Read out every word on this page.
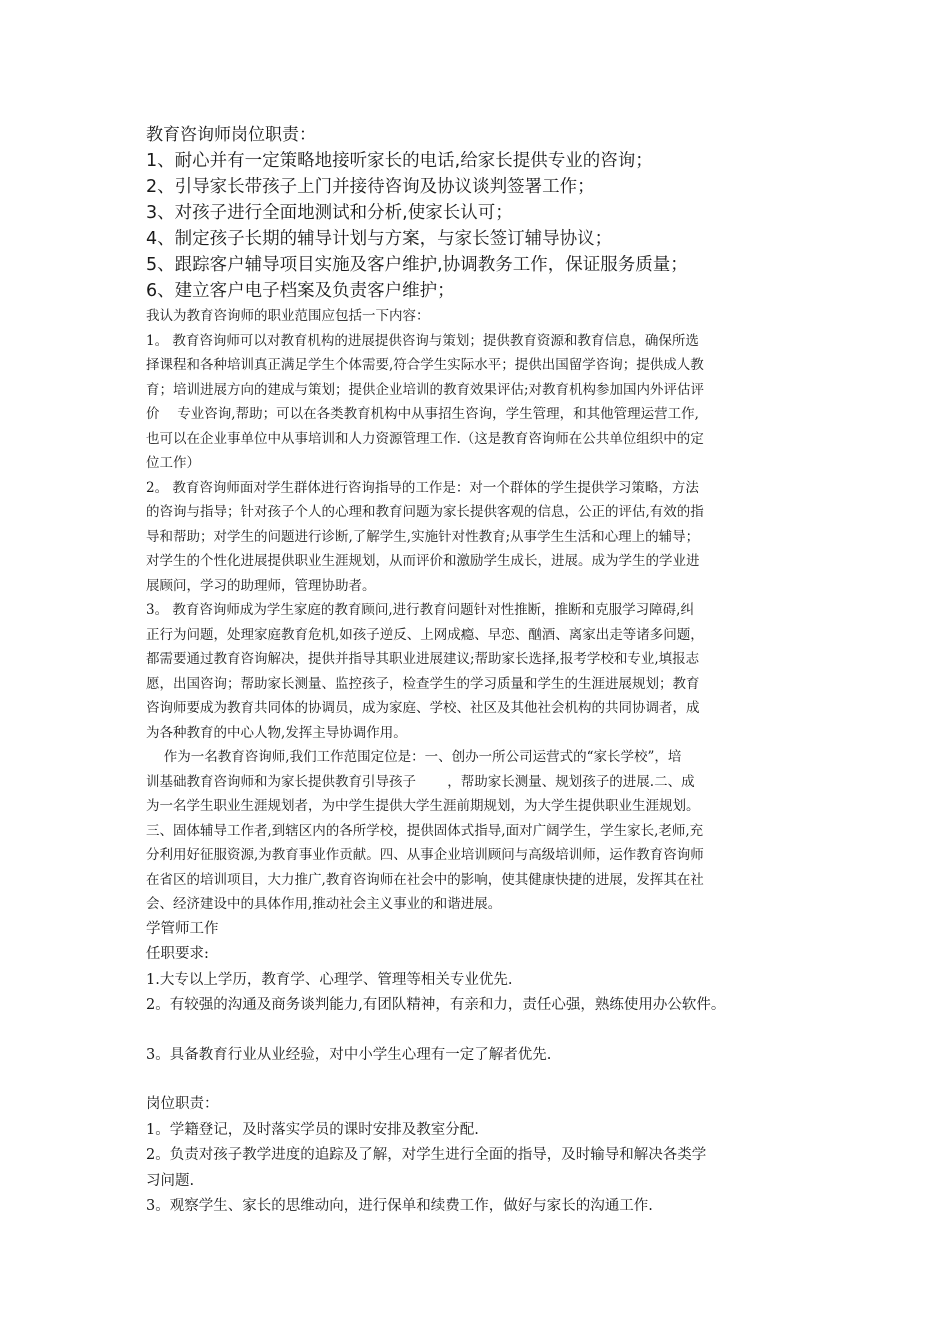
教育咨询师岗位职责：
1、耐心并有一定策略地接听家长的电话,给家长提供专业的咨询；
2、引导家长带孩子上门并接待咨询及协议谈判签署工作；
3、对孩子进行全面地测试和分析,使家长认可；
4、制定孩子长期的辅导计划与方案，与家长签订辅导协议；
5、跟踪客户辅导项目实施及客户维护,协调教务工作，保证服务质量；
6、建立客户电子档案及负责客户维护；
我认为教育咨询师的职业范围应包括一下内容：
1。 教育咨询师可以对教育机构的进展提供咨询与策划；提供教育资源和教育信息，确保所选
择课程和各种培训真正满足学生个体需要,符合学生实际水平；提供出国留学咨询；提供成人教
育；培训进展方向的建成与策划；提供企业培训的教育效果评估;对教育机构参加国内外评估评
价　 专业咨询,帮助；可以在各类教育机构中从事招生咨询，学生管理，和其他管理运营工作,
也可以在企业事单位中从事培训和人力资源管理工作.（这是教育咨询师在公共单位组织中的定
位工作）
2。 教育咨询师面对学生群体进行咨询指导的工作是：对一个群体的学生提供学习策略，方法
的咨询与指导；针对孩子个人的心理和教育问题为家长提供客观的信息，公正的评估,有效的指
导和帮助；对学生的问题进行诊断,了解学生,实施针对性教育;从事学生生活和心理上的辅导；
对学生的个性化进展提供职业生涯规划，从而评价和激励学生成长，进展。成为学生的学业进
展顾问，学习的助理师，管理协助者。
3。 教育咨询师成为学生家庭的教育顾问,进行教育问题针对性推断，推断和克服学习障碍,纠
正行为问题，处理家庭教育危机,如孩子逆反、上网成瘾、早恋、酗酒、离家出走等诸多问题，
都需要通过教育咨询解决，提供并指导其职业进展建议;帮助家长选择,报考学校和专业,填报志
愿，出国咨询；帮助家长测量、监控孩子，检查学生的学习质量和学生的生涯进展规划；教育
咨询师要成为教育共同体的协调员，成为家庭、学校、社区及其他社会机构的共同协调者，成
为各种教育的中心人物,发挥主导协调作用。
　 作为一名教育咨询师,我们工作范围定位是：一、创办一所公司运营式的“家长学校”，培
训基础教育咨询师和为家长提供教育引导孩子　　 ，帮助家长测量、规划孩子的进展.二、成
为一名学生职业生涯规划者，为中学生提供大学生涯前期规划，为大学生提供职业生涯规划。
三、固体辅导工作者,到辖区内的各所学校，提供固体式指导,面对广阔学生，学生家长,老师,充
分利用好征服资源,为教育事业作贡献。四、从事企业培训顾问与高级培训师，运作教育咨询师
在省区的培训项目，大力推广,教育咨询师在社会中的影响，使其健康快捷的进展，发挥其在社
会、经济建设中的具体作用,推动社会主义事业的和谐进展。
学管师工作
任职要求:
1.大专以上学历，教育学、心理学、管理等相关专业优先.
2。有较强的沟通及商务谈判能力,有团队精神，有亲和力，责任心强，熟练使用办公软件。
3。具备教育行业从业经验，对中小学生心理有一定了解者优先.
岗位职责：
1。学籍登记，及时落实学员的课时安排及教室分配.
2。负责对孩子教学进度的追踪及了解，对学生进行全面的指导，及时输导和解决各类学
习问题.
3。观察学生、家长的思维动向，进行保单和续费工作，做好与家长的沟通工作.
